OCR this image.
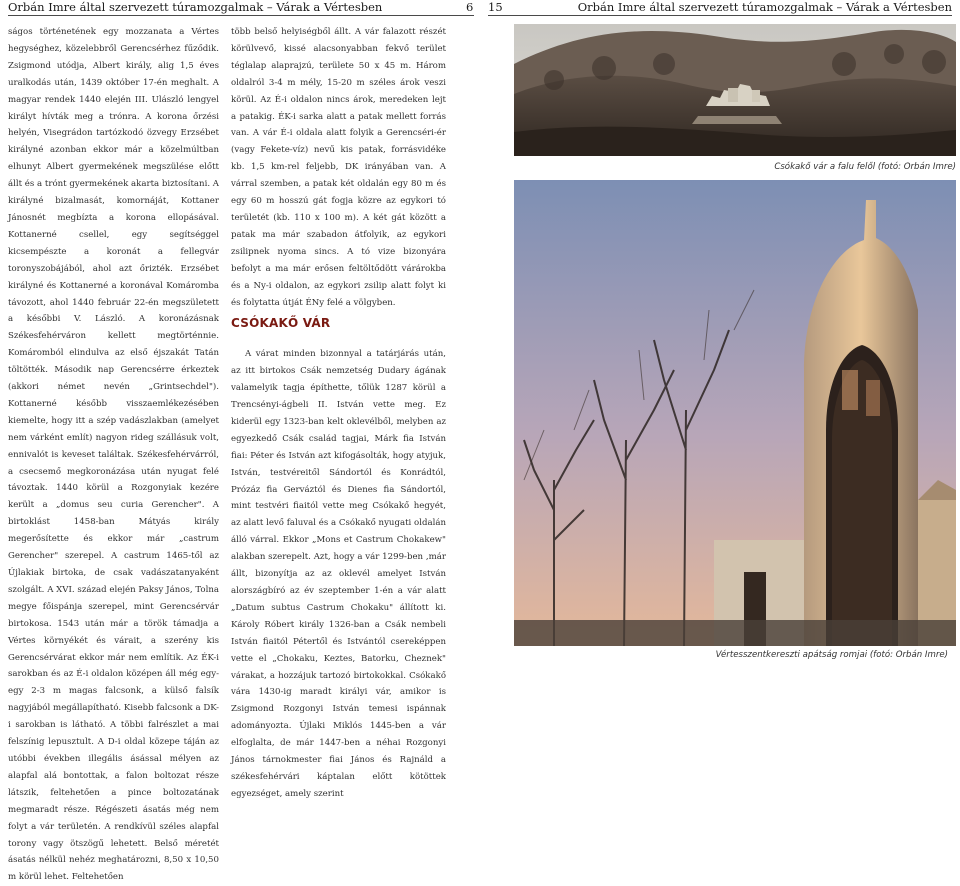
Orbán Imre által szervezett túramozgalmak – Várak a Vértesben	6

ságos történetének egy mozzanata a Vértes hegységhez, közelebbről Gerencsérhez fűződik. Zsigmond utódja, Albert király, alig 1,5 éves uralkodás után, 1439 október 17-én meghalt. A magyar rendek 1440 elején III. Ulászló lengyel királyt hívták meg a trónra. A korona őrzési helyén, Visegrádon tartózkodó özvegy Erzsébet királyné azonban ekkor már a közelmúltban elhunyt Albert gyermekének megszülése előtt állt és a trónt gyermekének akarta biztosítani. A királyné bizalmasát, komornáját, Kottaner Jánosnét megbízta a korona ellopásával. Kottanerné csellel, egy segítséggel kicsempészte a koronát a fellegvár toronyszobájából, ahol azt őrizték. Erzsébet királyné és Kottanerné a koronával Komáromba távozott, ahol 1440 február 22-én megszületett a későbbi V. László. A koronázásnak Székesfehérváron kellett megtörténnie. Komáromból elindulva az első éjszakát Tatán töltötték. Második nap Gerencsérre érkeztek (akkori német nevén „Grintsechdel"). Kottanerné később visszaemlékezésében kiemelte, hogy itt a szép vadászlakban (amelyet nem várként említ) nagyon rideg szállásuk volt, ennivalót is keveset találtak. Székesfehérvárról, a csecsemő megkoronázása után nyugat felé távoztak. 1440 körül a Rozgonyiak kezére került a „domus seu curia Gerencher". A birtoklást 1458-ban Mátyás király megerősítette és ekkor már „castrum Gerencher" szerepel. A castrum 1465-től az Újlakiak birtoka, de csak vadászatanyaként szolgált. A XVI. század elején Paksy János, Tolna megye főispánja szerepel, mint Gerencsérvár birtokosa. 1543 után már a török támadja a Vértes környékét és várait, a szerény kis Gerencsérvárat ekkor már nem említik. Az ÉK-i sarokban és az É-i oldalon középen áll még egy-egy 2-3 m magas falcsonk, a külső falsík nagyjából megállapítható. Kisebb falcsonk a DK-i sarokban is látható. A többi falrészlet a mai felszínig lepusztult. A D-i oldal közepe táján az utóbbi években illegális ásással mélyen az alapfal alá bontottak, a falon boltozat része látszik, feltehetően a pince boltozatának megmaradt része. Régészeti ásatás még nem folyt a vár területén. A rendkívül széles alapfal torony vagy ötszögű lehetett. Belső méretét ásatás nélkül nehéz meghatározni, 8,50 x 10,50 m körül lehet. Feltehetően

több belső helyiségből állt. A vár falazott részét körülvevő, kissé alacsonyabban fekvő terület téglalap alaprajzú, területe 50 x 45 m. Három oldalról 3-4 m mély, 15-20 m széles árok veszi körül. Az É-i oldalon nincs árok, meredeken lejt a patakig. ÉK-i sarka alatt a patak mellett forrás van. A vár É-i oldala alatt folyik a Gerencséri-ér (vagy Fekete-víz) nevű kis patak, forrásvidéke kb. 1,5 km-rel feljebb, DK irányában van. A várral szemben, a patak két oldalán egy 80 m és egy 60 m hosszú gát fogja közre az egykori tó területét (kb. 110 x 100 m). A két gát között a patak ma már szabadon átfolyik, az egykori zsilipnek nyoma sincs. A tó vize bizonyára befolyt a ma már erősen feltöltődött várárokba és a Ny-i oldalon, az egykori zsilip alatt folyt ki és folytatta útját ÉNy felé a völgyben.

CSÓKAKŐ VÁR

A várat minden bizonnyal a tatárjárás után, az itt birtokos Csák nemzetség Dudary ágának valamelyik tagja építhette, tőlük 1287 körül a Trencsényi-ágbeli II. István vette meg. Ez kiderül egy 1323-ban kelt oklevélből, melyben az egyezkedő Csák család tagjai, Márk fia István fiai: Péter és István azt kifogásolták, hogy atyjuk, István, testvéreitől Sándortól és Konrádtól, Prózáz fia Gerváztól és Dienes fia Sándortól, mint testvéri fiaitól vette meg Csókakő hegyét, az alatt levő faluval és a Csókakő nyugati oldalán álló várral. Ekkor „Mons et Castrum Chokakew" alakban szerepelt. Azt, hogy a vár 1299-ben ,már állt, bizonyítja az az oklevél amelyet István alországbíró az év szeptember 1-én a vár alatt „Datum subtus Castrum Chokaku" állított ki. Károly Róbert király 1326-ban a Csák nembeli István fiaitól Pétertől és Istvántól csereképpen vette el „Chokaku, Keztes, Batorku, Cheznek" várakat, a hozzájuk tartozó birtokokkal. Csókakő vára 1430-ig maradt királyi vár, amikor is Zsigmond Rozgonyi István temesi ispánnak adományozta. Újlaki Miklós 1445-ben a vár elfoglalta, de már 1447-ben a néhai Rozgonyi János tárnokmester fiai János és Rajnáld a székesfehérvári káptalan előtt kötöttek egyezséget, amely szerint

15	Orbán Imre által szervezett túramozgalmak – Várak a Vértesben
Csókakő vár a falu felől (fotó: Orbán Imre)
Vértesszentkereszti apátság romjai (fotó: Orbán Imre)
